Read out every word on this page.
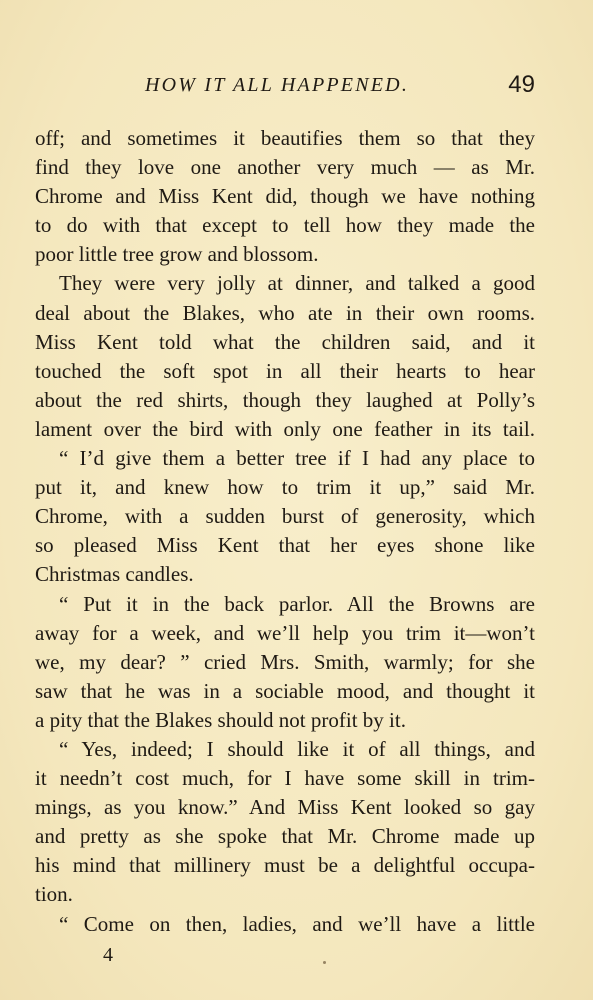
HOW IT ALL HAPPENED.	49
off; and sometimes it beautifies them so that they
find they love one another very much — as Mr.
Chrome and Miss Kent did, though we have nothing
to do with that except to tell how they made the
poor little tree grow and blossom.
They were very jolly at dinner, and talked a good
deal about the Blakes, who ate in their own rooms.
Miss Kent told what the children said, and it
touched the soft spot in all their hearts to hear
about the red shirts, though they laughed at Polly’s
lament over the bird with only one feather in its tail.
“ I’d give them a better tree if I had any place to
put it, and knew how to trim it up,” said Mr.
Chrome, with a sudden burst of generosity, which
so pleased Miss Kent that her eyes shone like
Christmas candles.
“ Put it in the back parlor. All the Browns are
away for a week, and we’ll help you trim it—won’t
we, my dear? ” cried Mrs. Smith, warmly; for she
saw that he was in a sociable mood, and thought it
a pity that the Blakes should not profit by it.
“ Yes, indeed; I should like it of all things, and
it needn’t cost much, for I have some skill in trim-
mings, as you know.” And Miss Kent looked so gay
and pretty as she spoke that Mr. Chrome made up
his mind that millinery must be a delightful occupa-
tion.
“ Come on then, ladies, and we’ll have a little
4
